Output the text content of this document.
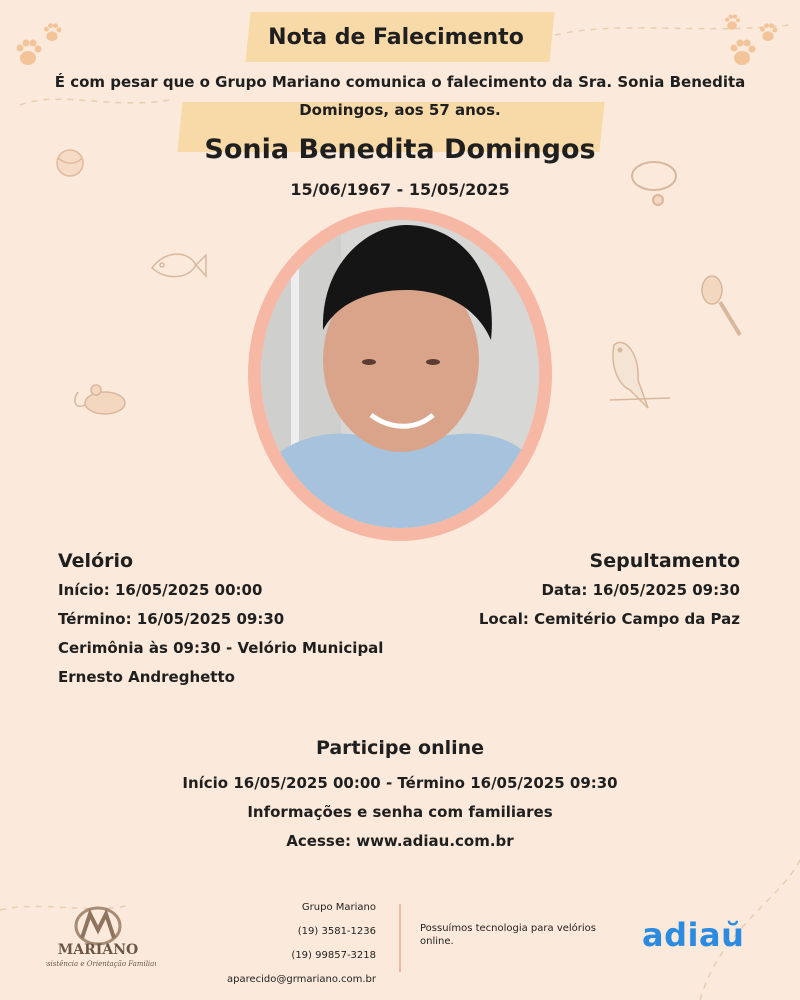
Nota de Falecimento
É com pesar que o Grupo Mariano comunica o falecimento da Sra. Sonia Benedita Domingos, aos 57 anos.
Sonia Benedita Domingos
15/06/1967 - 15/05/2025
Velório
Início: 16/05/2025 00:00
Término: 16/05/2025 09:30
Cerimônia às 09:30 - Velório Municipal
Ernesto Andreghetto
Sepultamento
Data: 16/05/2025 09:30
Local: Cemitério Campo da Paz
Participe online
Início 16/05/2025 00:00 - Término 16/05/2025 09:30
Informações e senha com familiares
Acesse: www.adiau.com.br
MARIANO
Assistência e Orientação Familiar
Grupo Mariano
(19) 3581-1236
(19) 99857-3218
aparecido@grmariano.com.br
Possuímos tecnologia para velórios online.	adiaŭ
